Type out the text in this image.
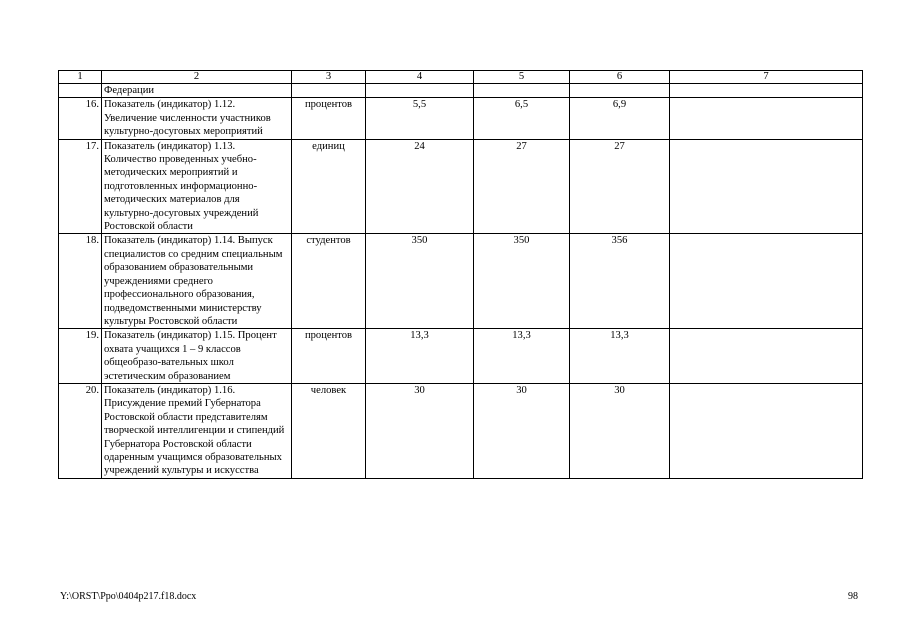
1	2	3	4	5	6	7
	Федерации					
16.	Показатель (индикатор) 1.12. Увеличение численности участников культурно-досуговых мероприятий	процентов	5,5	6,5	6,9	
17.	Показатель (индикатор) 1.13. Количество проведенных учебно-методических мероприятий и подготовленных информационно-методических материалов для культурно-досуговых учреждений Ростовской области	единиц	24	27	27	
18.	Показатель (индикатор) 1.14. Выпуск специалистов со средним специальным образованием образовательными учреждениями среднего профессионального образования, подведомственными министерству культуры Ростовской области	студентов	350	350	356	
19.	Показатель (индикатор) 1.15. Процент охвата учащихся 1 – 9 классов общеобразо-вательных школ эстетическим образованием	процентов	13,3	13,3	13,3	
20.	Показатель (индикатор) 1.16. Присуждение премий Губернатора Ростовской области представителям творческой интеллигенции и стипендий Губернатора Ростовской области одаренным учащимся образовательных учреждений культуры и искусства	человек	30	30	30	
Y:\ORST\Ppo\0404p217.f18.docx	98
